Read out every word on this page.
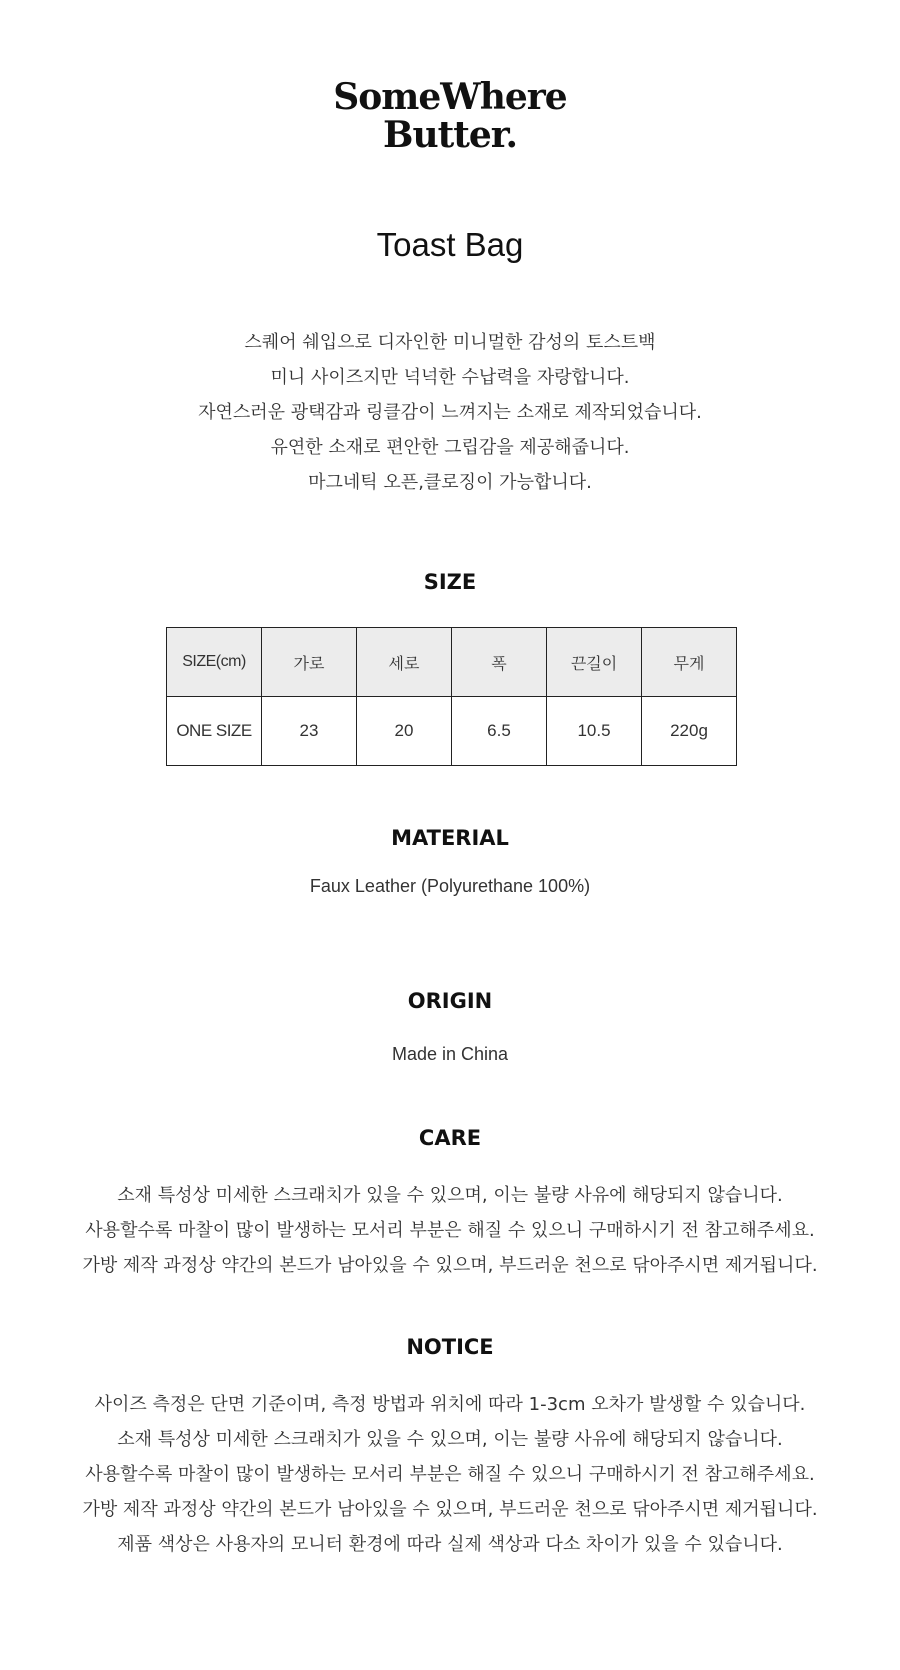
SomeWhere
Butter.
Toast Bag
스퀘어 쉐입으로 디자인한 미니멀한 감성의 토스트백
미니 사이즈지만 넉넉한 수납력을 자랑합니다.
자연스러운 광택감과 링클감이 느껴지는 소재로 제작되었습니다.
유연한 소재로 편안한 그립감을 제공해줍니다.
마그네틱 오픈,클로징이 가능합니다.
SIZE
SIZE(cm)	가로	세로	폭	끈길이	무게
ONE SIZE	23	20	6.5	10.5	220g
MATERIAL
Faux Leather (Polyurethane 100%)
ORIGIN
Made in China
CARE
소재 특성상 미세한 스크래치가 있을 수 있으며, 이는 불량 사유에 해당되지 않습니다.
사용할수록 마찰이 많이 발생하는 모서리 부분은 해질 수 있으니 구매하시기 전 참고해주세요.
가방 제작 과정상 약간의 본드가 남아있을 수 있으며, 부드러운 천으로 닦아주시면 제거됩니다.
NOTICE
사이즈 측정은 단면 기준이며, 측정 방법과 위치에 따라 1-3cm 오차가 발생할 수 있습니다.
소재 특성상 미세한 스크래치가 있을 수 있으며, 이는 불량 사유에 해당되지 않습니다.
사용할수록 마찰이 많이 발생하는 모서리 부분은 해질 수 있으니 구매하시기 전 참고해주세요.
가방 제작 과정상 약간의 본드가 남아있을 수 있으며, 부드러운 천으로 닦아주시면 제거됩니다.
제품 색상은 사용자의 모니터 환경에 따라 실제 색상과 다소 차이가 있을 수 있습니다.
